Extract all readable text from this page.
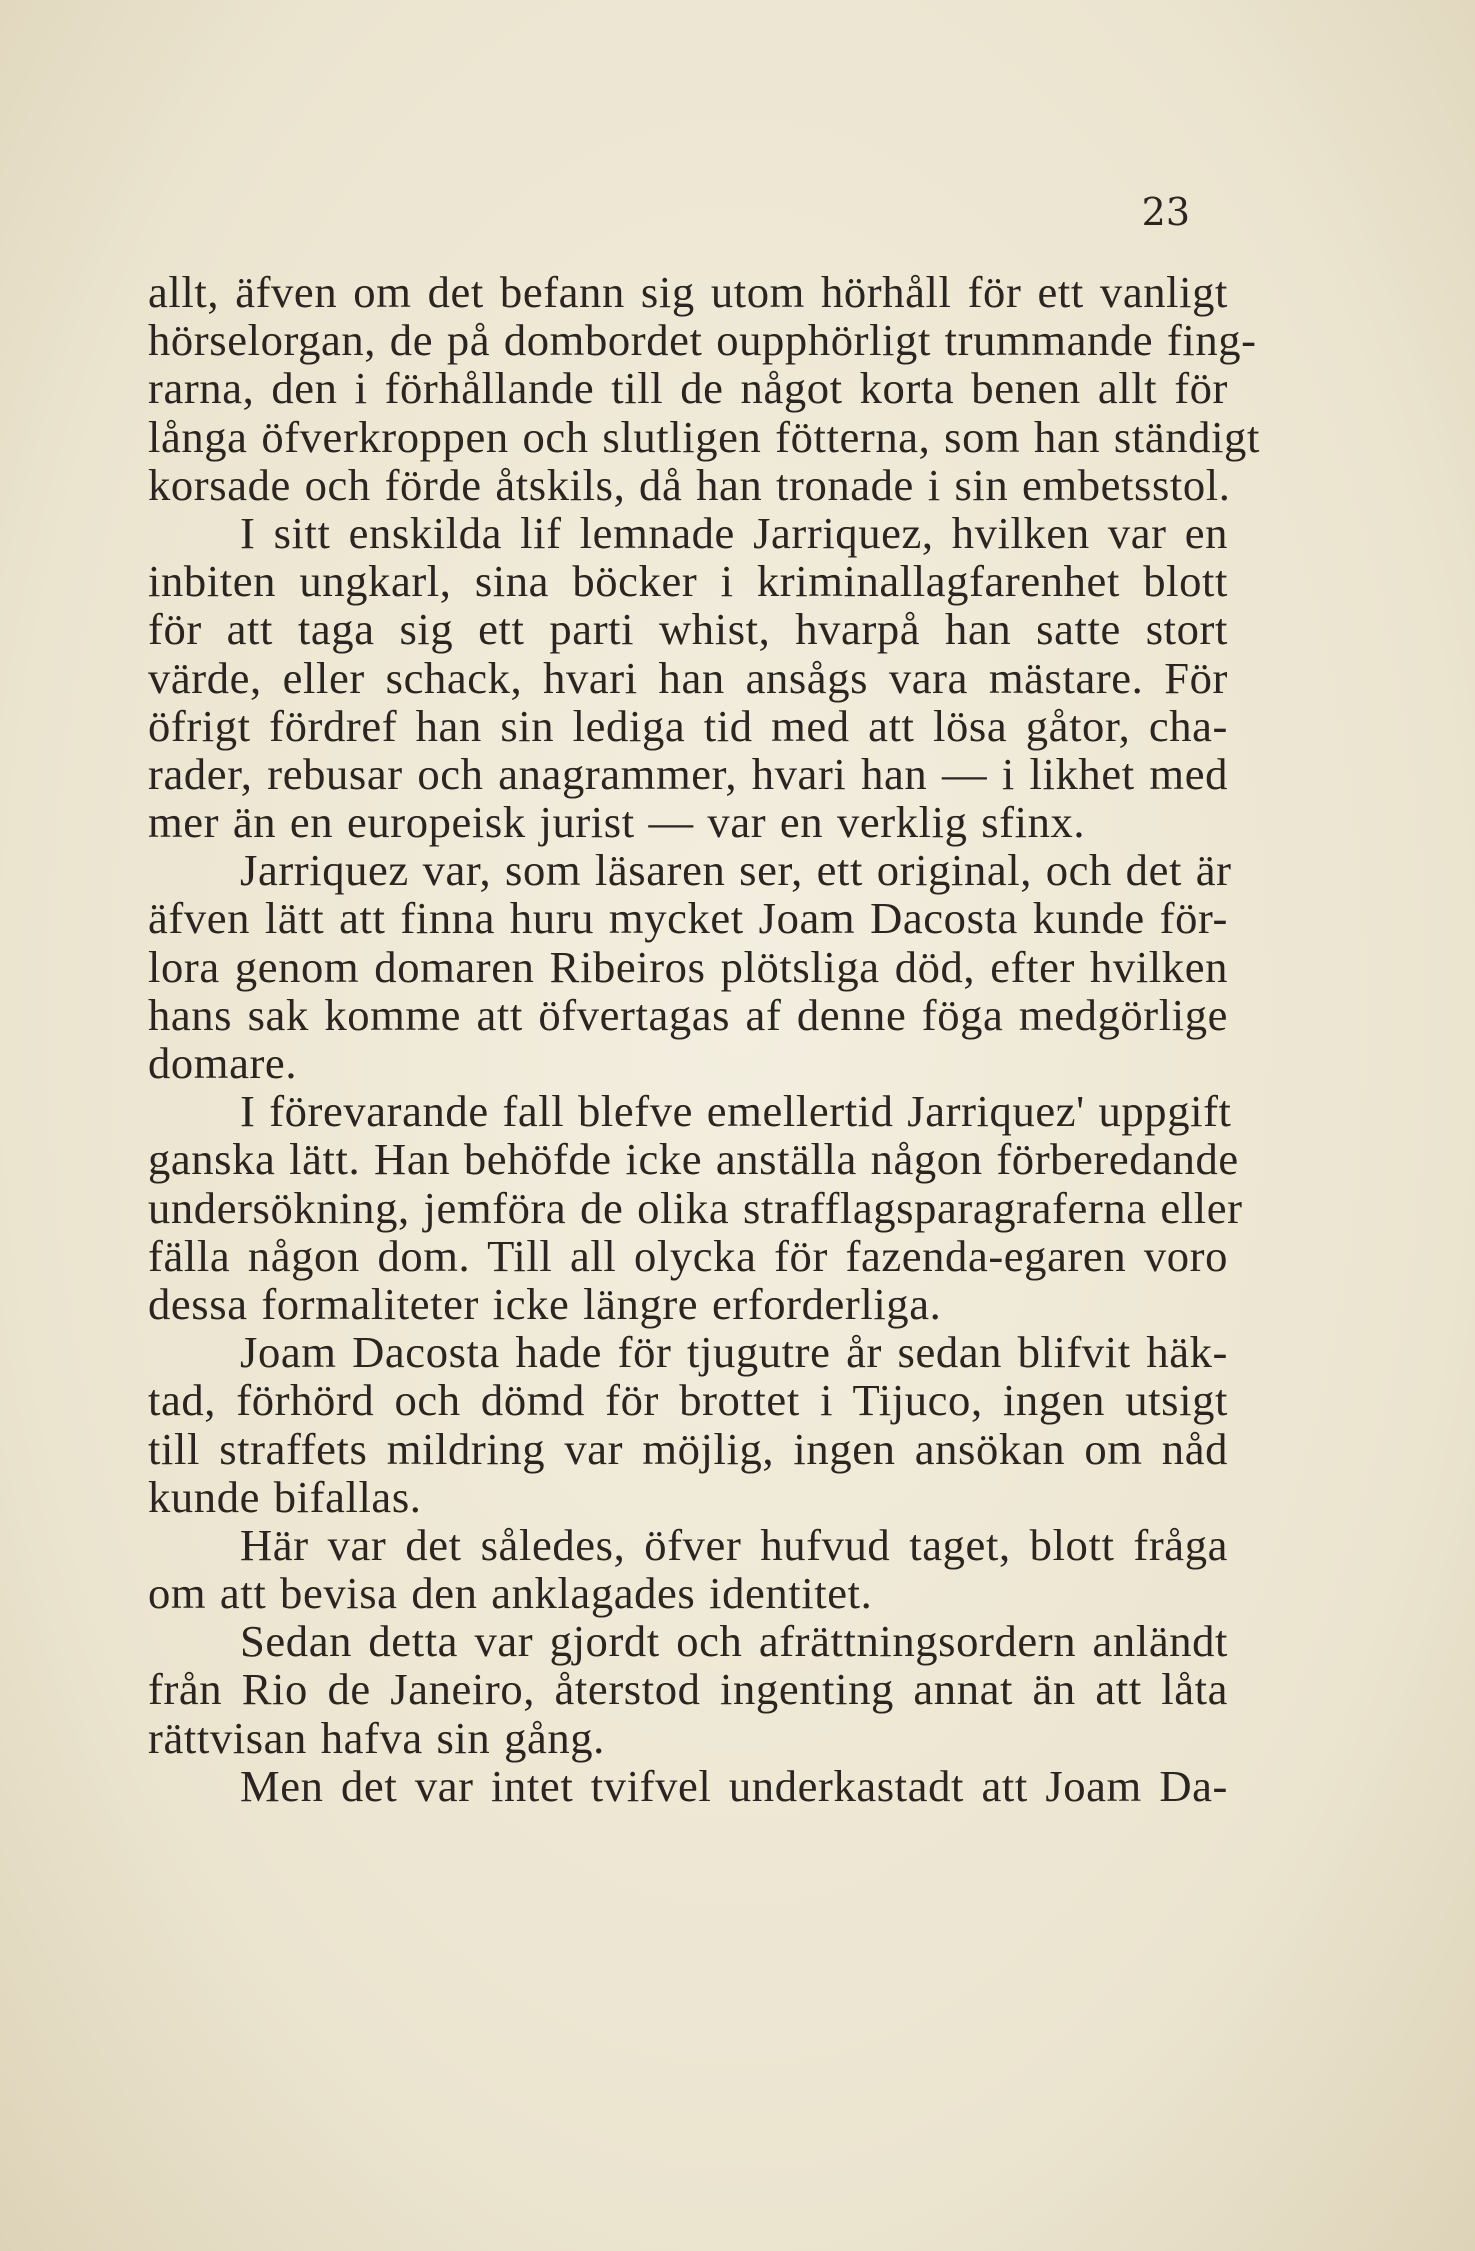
23
allt, äfven om det befann sig utom hörhåll för ett vanligt
hörselorgan, de på dombordet oupphörligt trummande fing-
rarna, den i förhållande till de något korta benen allt för
långa öfverkroppen och slutligen fötterna, som han ständigt
korsade och förde åtskils, då han tronade i sin embetsstol.
I sitt enskilda lif lemnade Jarriquez, hvilken var en
inbiten ungkarl, sina böcker i kriminallagfarenhet blott
för att taga sig ett parti whist, hvarpå han satte stort
värde, eller schack, hvari han ansågs vara mästare. För
öfrigt fördref han sin lediga tid med att lösa gåtor, cha-
rader, rebusar och anagrammer, hvari han — i likhet med
mer än en europeisk jurist — var en verklig sfinx.
Jarriquez var, som läsaren ser, ett original, och det är
äfven lätt att finna huru mycket Joam Dacosta kunde för-
lora genom domaren Ribeiros plötsliga död, efter hvilken
hans sak komme att öfvertagas af denne föga medgörlige
domare.
I förevarande fall blefve emellertid Jarriquez' uppgift
ganska lätt. Han behöfde icke anställa någon förberedande
undersökning, jemföra de olika strafflagsparagraferna eller
fälla någon dom. Till all olycka för fazenda-egaren voro
dessa formaliteter icke längre erforderliga.
Joam Dacosta hade för tjugutre år sedan blifvit häk-
tad, förhörd och dömd för brottet i Tijuco, ingen utsigt
till straffets mildring var möjlig, ingen ansökan om nåd
kunde bifallas.
Här var det således, öfver hufvud taget, blott fråga
om att bevisa den anklagades identitet.
Sedan detta var gjordt och afrättningsordern anländt
från Rio de Janeiro, återstod ingenting annat än att låta
rättvisan hafva sin gång.
Men det var intet tvifvel underkastadt att Joam Da-
